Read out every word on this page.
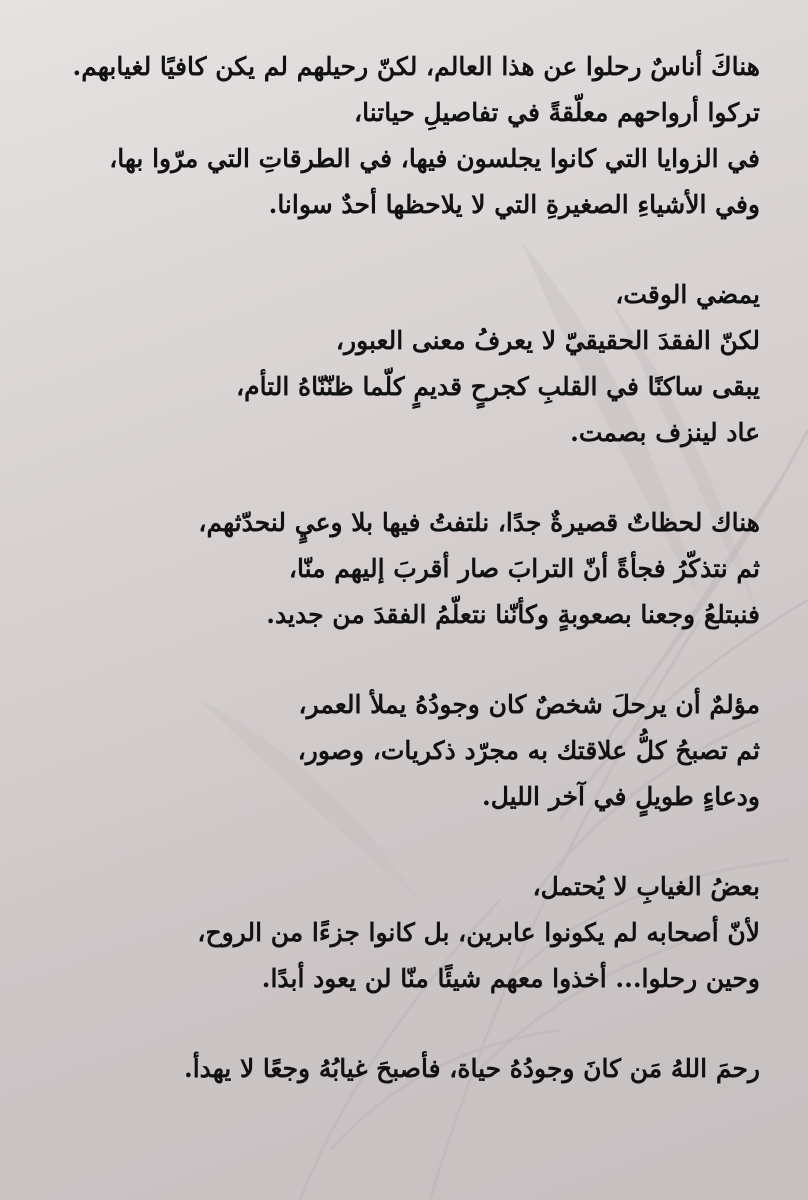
هناكَ أناسٌ رحلوا عن هذا العالم، لكنّ رحيلهم لم يكن كافيًا لغيابهم.
تركوا أرواحهم معلّقةً في تفاصيلِ حياتنا،
في الزوايا التي كانوا يجلسون فيها، في الطرقاتِ التي مرّوا بها،
وفي الأشياءِ الصغيرةِ التي لا يلاحظها أحدٌ سوانا.
يمضي الوقت،
لكنّ الفقدَ الحقيقيّ لا يعرفُ معنى العبور،
يبقى ساكنًا في القلبِ كجرحٍ قديمٍ كلّما ظنّنّاهُ التأم،
عاد لينزف بصمت.
هناك لحظاتٌ قصيرةٌ جدًا، نلتفتُ فيها بلا وعيٍ لنحدّثهم،
ثم نتذكّرُ فجأةً أنّ الترابَ صار أقربَ إليهم منّا،
فنبتلعُ وجعنا بصعوبةٍ وكأنّنا نتعلّمُ الفقدَ من جديد.
مؤلمٌ أن يرحلَ شخصٌ كان وجودُهُ يملأ العمر،
ثم تصبحُ كلُّ علاقتك به مجرّد ذكريات، وصور،
ودعاءٍ طويلٍ في آخر الليل.
بعضُ الغيابِ لا يُحتمل،
لأنّ أصحابه لم يكونوا عابرين، بل كانوا جزءًا من الروح،
وحين رحلوا... أخذوا معهم شيئًا منّا لن يعود أبدًا.
رحمَ اللهُ مَن كانَ وجودُهُ حياة، فأصبحَ غيابُهُ وجعًا لا يهدأ.
